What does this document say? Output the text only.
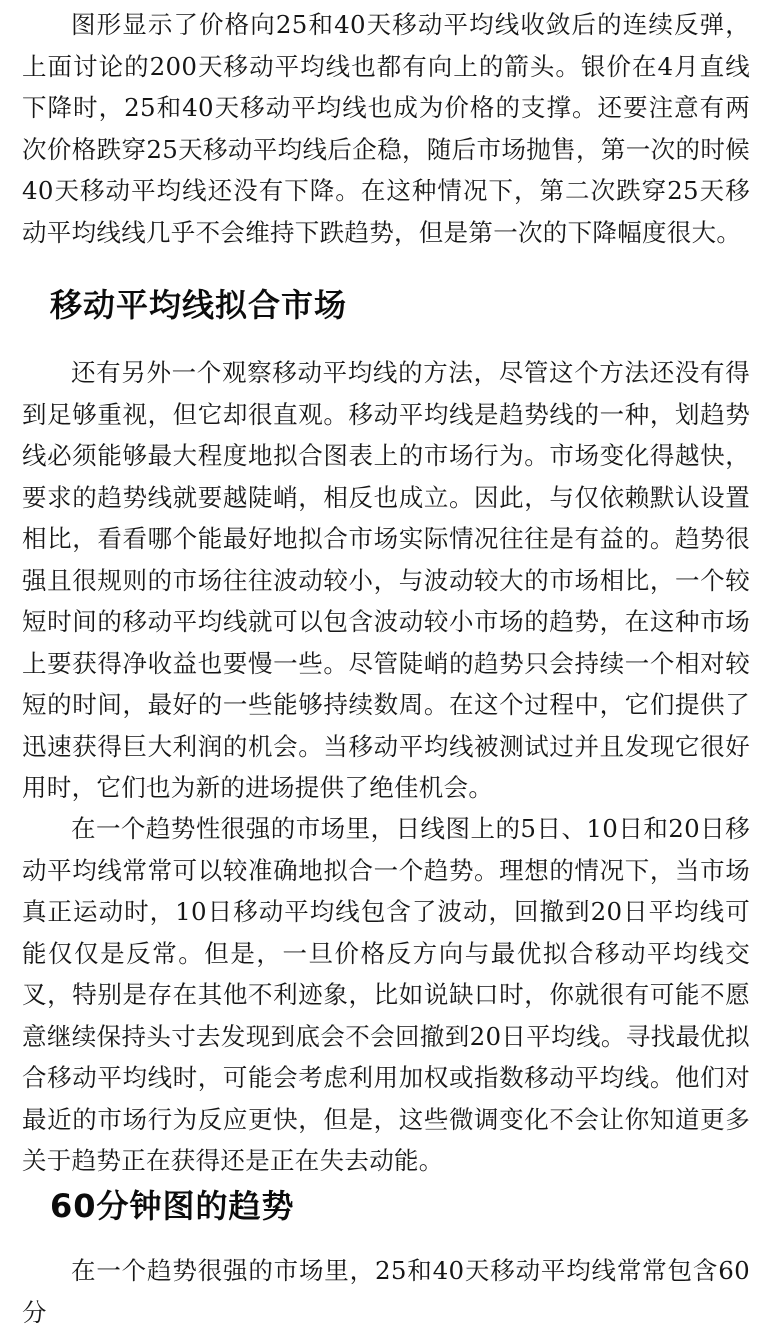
图形显示了价格向25和40天移动平均线收敛后的连续反弹，上面讨论的200天移动平均线也都有向上的箭头。银价在4月直线下降时，25和40天移动平均线也成为价格的支撑。还要注意有两次价格跌穿25天移动平均线后企稳，随后市场抛售，第一次的时候40天移动平均线还没有下降。在这种情况下，第二次跌穿25天移动平均线线几乎不会维持下跌趋势，但是第一次的下降幅度很大。

移动平均线拟合市场

还有另外一个观察移动平均线的方法，尽管这个方法还没有得到足够重视，但它却很直观。移动平均线是趋势线的一种，划趋势线必须能够最大程度地拟合图表上的市场行为。市场变化得越快，要求的趋势线就要越陡峭，相反也成立。因此，与仅依赖默认设置相比，看看哪个能最好地拟合市场实际情况往往是有益的。趋势很强且很规则的市场往往波动较小，与波动较大的市场相比，一个较短时间的移动平均线就可以包含波动较小市场的趋势，在这种市场上要获得净收益也要慢一些。尽管陡峭的趋势只会持续一个相对较短的时间，最好的一些能够持续数周。在这个过程中，它们提供了迅速获得巨大利润的机会。当移动平均线被测试过并且发现它很好用时，它们也为新的进场提供了绝佳机会。

在一个趋势性很强的市场里，日线图上的5日、10日和20日移动平均线常常可以较准确地拟合一个趋势。理想的情况下，当市场真正运动时，10日移动平均线包含了波动，回撤到20日平均线可能仅仅是反常。但是，一旦价格反方向与最优拟合移动平均线交叉，特别是存在其他不利迹象，比如说缺口时，你就很有可能不愿意继续保持头寸去发现到底会不会回撤到20日平均线。寻找最优拟合移动平均线时，可能会考虑利用加权或指数移动平均线。他们对最近的市场行为反应更快，但是，这些微调变化不会让你知道更多关于趋势正在获得还是正在失去动能。

60分钟图的趋势

在一个趋势很强的市场里，25和40天移动平均线常常包含60分
